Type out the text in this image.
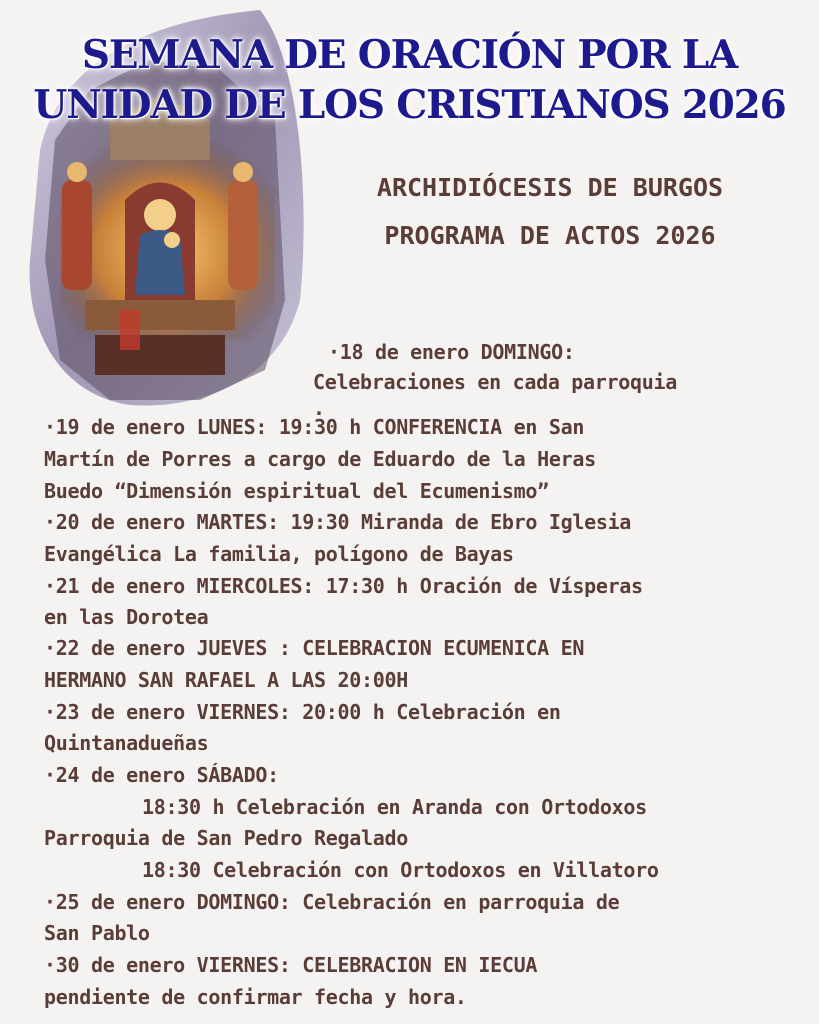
SEMANA DE ORACIÓN POR LA
UNIDAD DE LOS CRISTIANOS 2026
ARCHIDIÓCESIS DE BURGOS
PROGRAMA DE ACTOS 2026
·18 de enero DOMINGO:
Celebraciones en cada parroquia
.
·19 de enero LUNES: 19:30 h CONFERENCIA en San
Martín de Porres a cargo de Eduardo de la Heras
Buedo “Dimensión espiritual del Ecumenismo”
·20 de enero MARTES: 19:30 Miranda de Ebro Iglesia
Evangélica La familia, polígono de Bayas
·21 de enero MIERCOLES: 17:30 h Oración de Vísperas
en las Dorotea
·22 de enero JUEVES : CELEBRACION ECUMENICA EN
HERMANO SAN RAFAEL A LAS 20:00H
·23 de enero VIERNES: 20:00 h Celebración en
Quintanadueñas
·24 de enero SÁBADO:
18:30 h Celebración en Aranda con Ortodoxos
Parroquia de San Pedro Regalado
18:30 Celebración con Ortodoxos en Villatoro
·25 de enero DOMINGO: Celebración en parroquia de
San Pablo
·30 de enero VIERNES: CELEBRACION EN IECUA
pendiente de confirmar fecha y hora.
